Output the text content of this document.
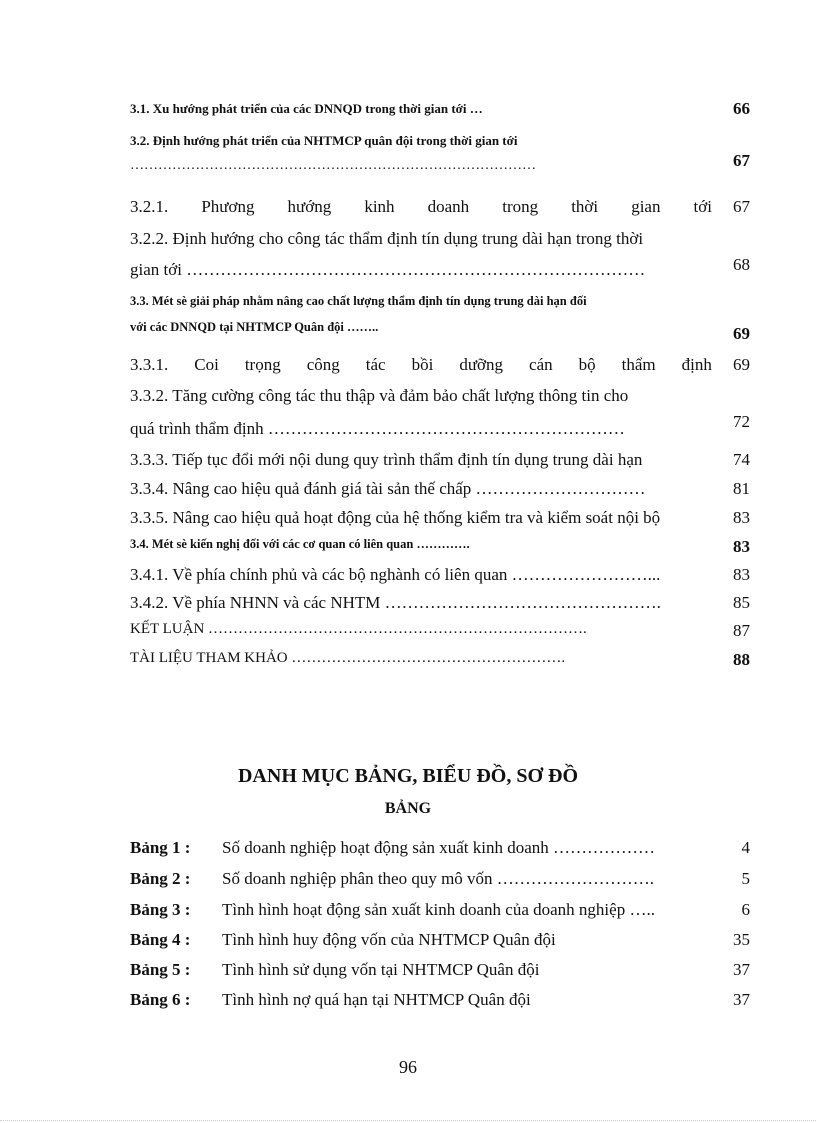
3.1. Xu hướng phát triển của các DNNQD trong thời gian tới …	66
3.2. Định hướng phát triển của NHTMCP quân đội trong thời gian tới
……………………………………………………………………………	67
3.2.1. Phương hướng kinh doanh trong thời gian tới 67
3.2.2. Định hướng cho công tác thẩm định tín dụng trung dài hạn trong thời
gian tới ………………………………………………………………………	68
3.3. Mét sè giải pháp nhằm nâng cao chất lượng thẩm định tín dụng trung dài hạn đối
với các DNNQD tại NHTMCP Quân đội ……..	69
3.3.1. Coi trọng công tác bồi dưỡng cán bộ thẩm định 69
3.3.2. Tăng cường công tác thu thập và đảm bảo chất lượng thông tin cho
quá trình thẩm định ………………………………………………………	72
3.3.3. Tiếp tục đổi mới nội dung quy trình thẩm định tín dụng trung dài hạn	74
3.3.4. Nâng cao hiệu quả đánh giá tài sản thế chấp …………………………	81
3.3.5. Nâng cao hiệu quả hoạt động của hệ thống kiểm tra và kiểm soát nội bộ	83
3.4. Mét sè kiến nghị đối với các cơ quan có liên quan ………….	83
3.4.1. Về phía chính phủ và các bộ nghành có liên quan ……………………...	83
3.4.2. Về phía NHNN và các NHTM ………………………………………….	85
KẾT LUẬN ………………………………………………………………….	87
TÀI LIỆU THAM KHẢO ……………………………………………….	88
DANH MỤC BẢNG, BIỂU ĐỒ, SƠ ĐỒ
BẢNG
Bảng 1 : Số doanh nghiệp hoạt động sản xuất kinh doanh ………………	4
Bảng 2 : Số doanh nghiệp phân theo quy mô vốn ……………………….	5
Bảng 3 : Tình hình hoạt động sản xuất kinh doanh của doanh nghiệp …..	6
Bảng 4 : Tình hình huy động vốn của NHTMCP Quân đội	35
Bảng 5 : Tình hình sử dụng vốn tại NHTMCP Quân đội	37
Bảng 6 : Tình hình nợ quá hạn tại NHTMCP Quân đội	37
96
